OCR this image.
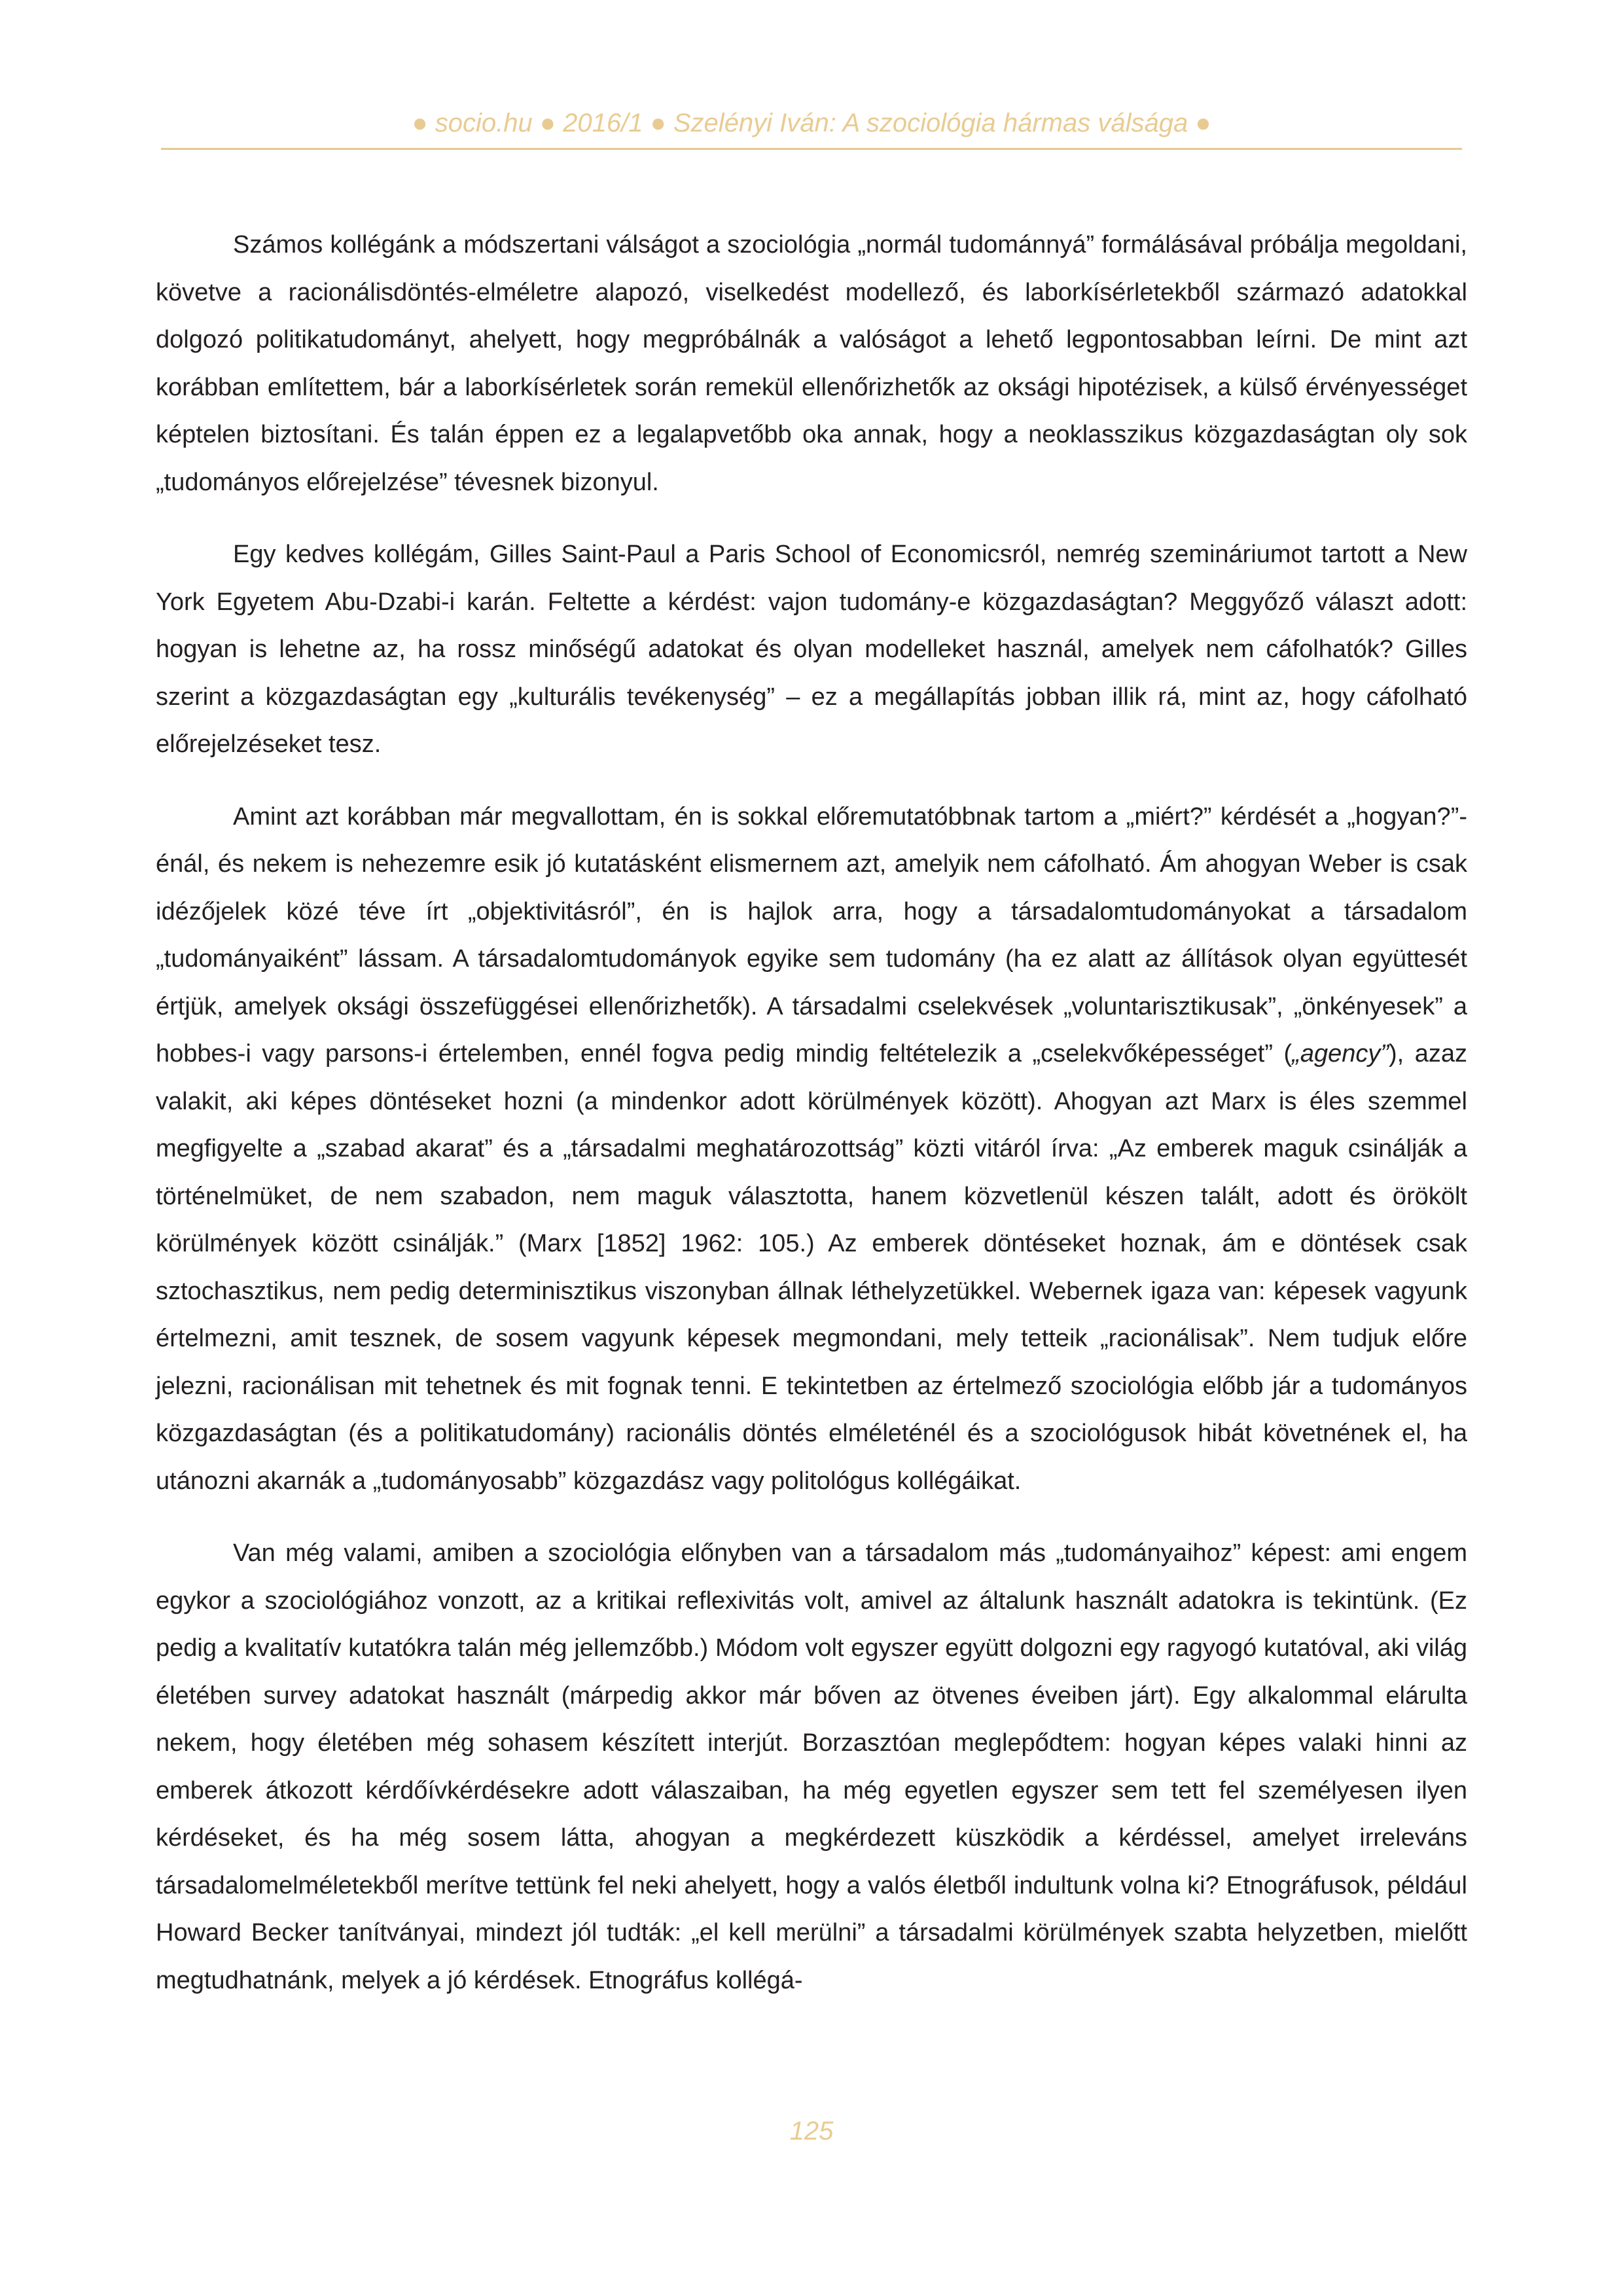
● socio.hu ● 2016/1 ● Szelényi Iván: A szociológia hármas válsága ●

Számos kollégánk a módszertani válságot a szociológia „normál tudománnyá” formálásával próbálja megoldani, követve a racionálisdöntés-elméletre alapozó, viselkedést modellező, és laborkísérletekből származó adatokkal dolgozó politikatudományt, ahelyett, hogy megpróbálnák a valóságot a lehető legpontosabban leírni. De mint azt korábban említettem, bár a laborkísérletek során remekül ellenőrizhetők az oksági hipotézisek, a külső érvényességet képtelen biztosítani. És talán éppen ez a legalapvetőbb oka annak, hogy a neoklasszikus közgazdaságtan oly sok „tudományos előrejelzése” tévesnek bizonyul.

Egy kedves kollégám, Gilles Saint-Paul a Paris School of Economicsról, nemrég szemináriumot tartott a New York Egyetem Abu-Dzabi-i karán. Feltette a kérdést: vajon tudomány-e közgazdaságtan? Meggyőző választ adott: hogyan is lehetne az, ha rossz minőségű adatokat és olyan modelleket használ, amelyek nem cáfolhatók? Gilles szerint a közgazdaságtan egy „kulturális tevékenység” – ez a megállapítás jobban illik rá, mint az, hogy cáfolható előrejelzéseket tesz.

Amint azt korábban már megvallottam, én is sokkal előremutatóbbnak tartom a „miért?” kérdését a „hogyan?”-énál, és nekem is nehezemre esik jó kutatásként elismernem azt, amelyik nem cáfolható. Ám ahogyan Weber is csak idézőjelek közé téve írt „objektivitásról”, én is hajlok arra, hogy a társadalomtudományokat a társadalom „tudományaiként” lássam. A társadalomtudományok egyike sem tudomány (ha ez alatt az állítások olyan együttesét értjük, amelyek oksági összefüggései ellenőrizhetők). A társadalmi cselekvések „voluntarisztikusak”, „önkényesek” a hobbes-i vagy parsons-i értelemben, ennél fogva pedig mindig feltételezik a „cselekvőképességet” („agency”), azaz valakit, aki képes döntéseket hozni (a mindenkor adott körülmények között). Ahogyan azt Marx is éles szemmel megfigyelte a „szabad akarat” és a „társadalmi meghatározottság” közti vitáról írva: „Az emberek maguk csinálják a történelmüket, de nem szabadon, nem maguk választotta, hanem közvetlenül készen talált, adott és örökölt körülmények között csinálják.” (Marx [1852] 1962: 105.) Az emberek döntéseket hoznak, ám e döntések csak sztochasztikus, nem pedig determinisztikus viszonyban állnak léthelyzetükkel. Webernek igaza van: képesek vagyunk értelmezni, amit tesznek, de sosem vagyunk képesek megmondani, mely tetteik „racionálisak”. Nem tudjuk előre jelezni, racionálisan mit tehetnek és mit fognak tenni. E tekintetben az értelmező szociológia előbb jár a tudományos közgazdaságtan (és a politikatudomány) racionális döntés elméleténél és a szociológusok hibát követnének el, ha utánozni akarnák a „tudományosabb” közgazdász vagy politológus kollégáikat.

Van még valami, amiben a szociológia előnyben van a társadalom más „tudományaihoz” képest: ami engem egykor a szociológiához vonzott, az a kritikai reflexivitás volt, amivel az általunk használt adatokra is tekintünk. (Ez pedig a kvalitatív kutatókra talán még jellemzőbb.) Módom volt egyszer együtt dolgozni egy ragyogó kutatóval, aki világ életében survey adatokat használt (márpedig akkor már bőven az ötvenes éveiben járt). Egy alkalommal elárulta nekem, hogy életében még sohasem készített interjút. Borzasztóan meglepődtem: hogyan képes valaki hinni az emberek átkozott kérdőívkérdésekre adott válaszaiban, ha még egyetlen egyszer sem tett fel személyesen ilyen kérdéseket, és ha még sosem látta, ahogyan a megkérdezett küszködik a kérdéssel, amelyet irreleváns társadalomelméletekből merítve tettünk fel neki ahelyett, hogy a valós életből indultunk volna ki? Etnográfusok, például Howard Becker tanítványai, mindezt jól tudták: „el kell merülni” a társadalmi körülmények szabta helyzetben, mielőtt megtudhatnánk, melyek a jó kérdések. Etnográfus kollégá-

125
